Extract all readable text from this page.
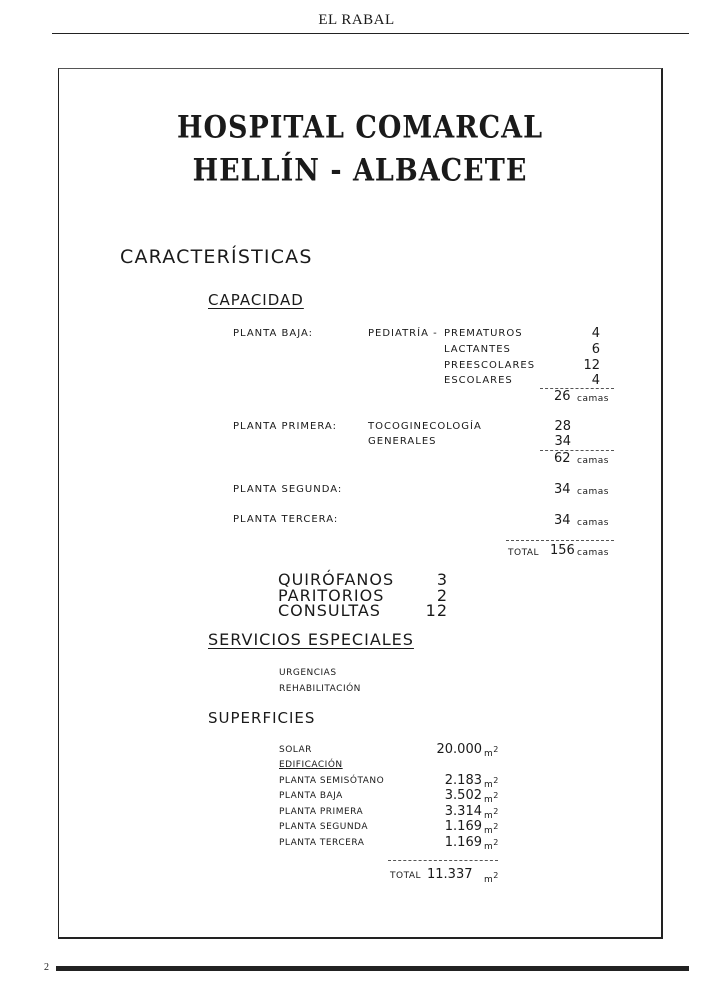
EL RABAL
HOSPITAL COMARCAL
HELLÍN - ALBACETE
CARACTERÍSTICAS
CAPACIDAD
PLANTA BAJA:	PEDIATRÍA - PREMATUROS	4
LACTANTES	6
PREESCOLARES	12
ESCOLARES	4
26 camas
PLANTA PRIMERA:	TOCOGINECOLOGÍA	28
GENERALES	34
62 camas
PLANTA SEGUNDA:	34 camas
PLANTA TERCERA:	34 camas
TOTAL 156 camas
QUIRÓFANOS	3
PARITORIOS	2
CONSULTAS	12
SERVICIOS ESPECIALES
URGENCIAS
REHABILITACIÓN
SUPERFICIES
SOLAR	20.000 $m^2$
EDIFICACIÓN
PLANTA SEMISÓTANO	2.183 $m^2$
PLANTA BAJA	3.502 $m^2$
PLANTA PRIMERA	3.314 $m^2$
PLANTA SEGUNDA	1.169 $m^2$
PLANTA TERCERA	1.169 $m^2$
TOTAL 11.337 $m^2$
2
